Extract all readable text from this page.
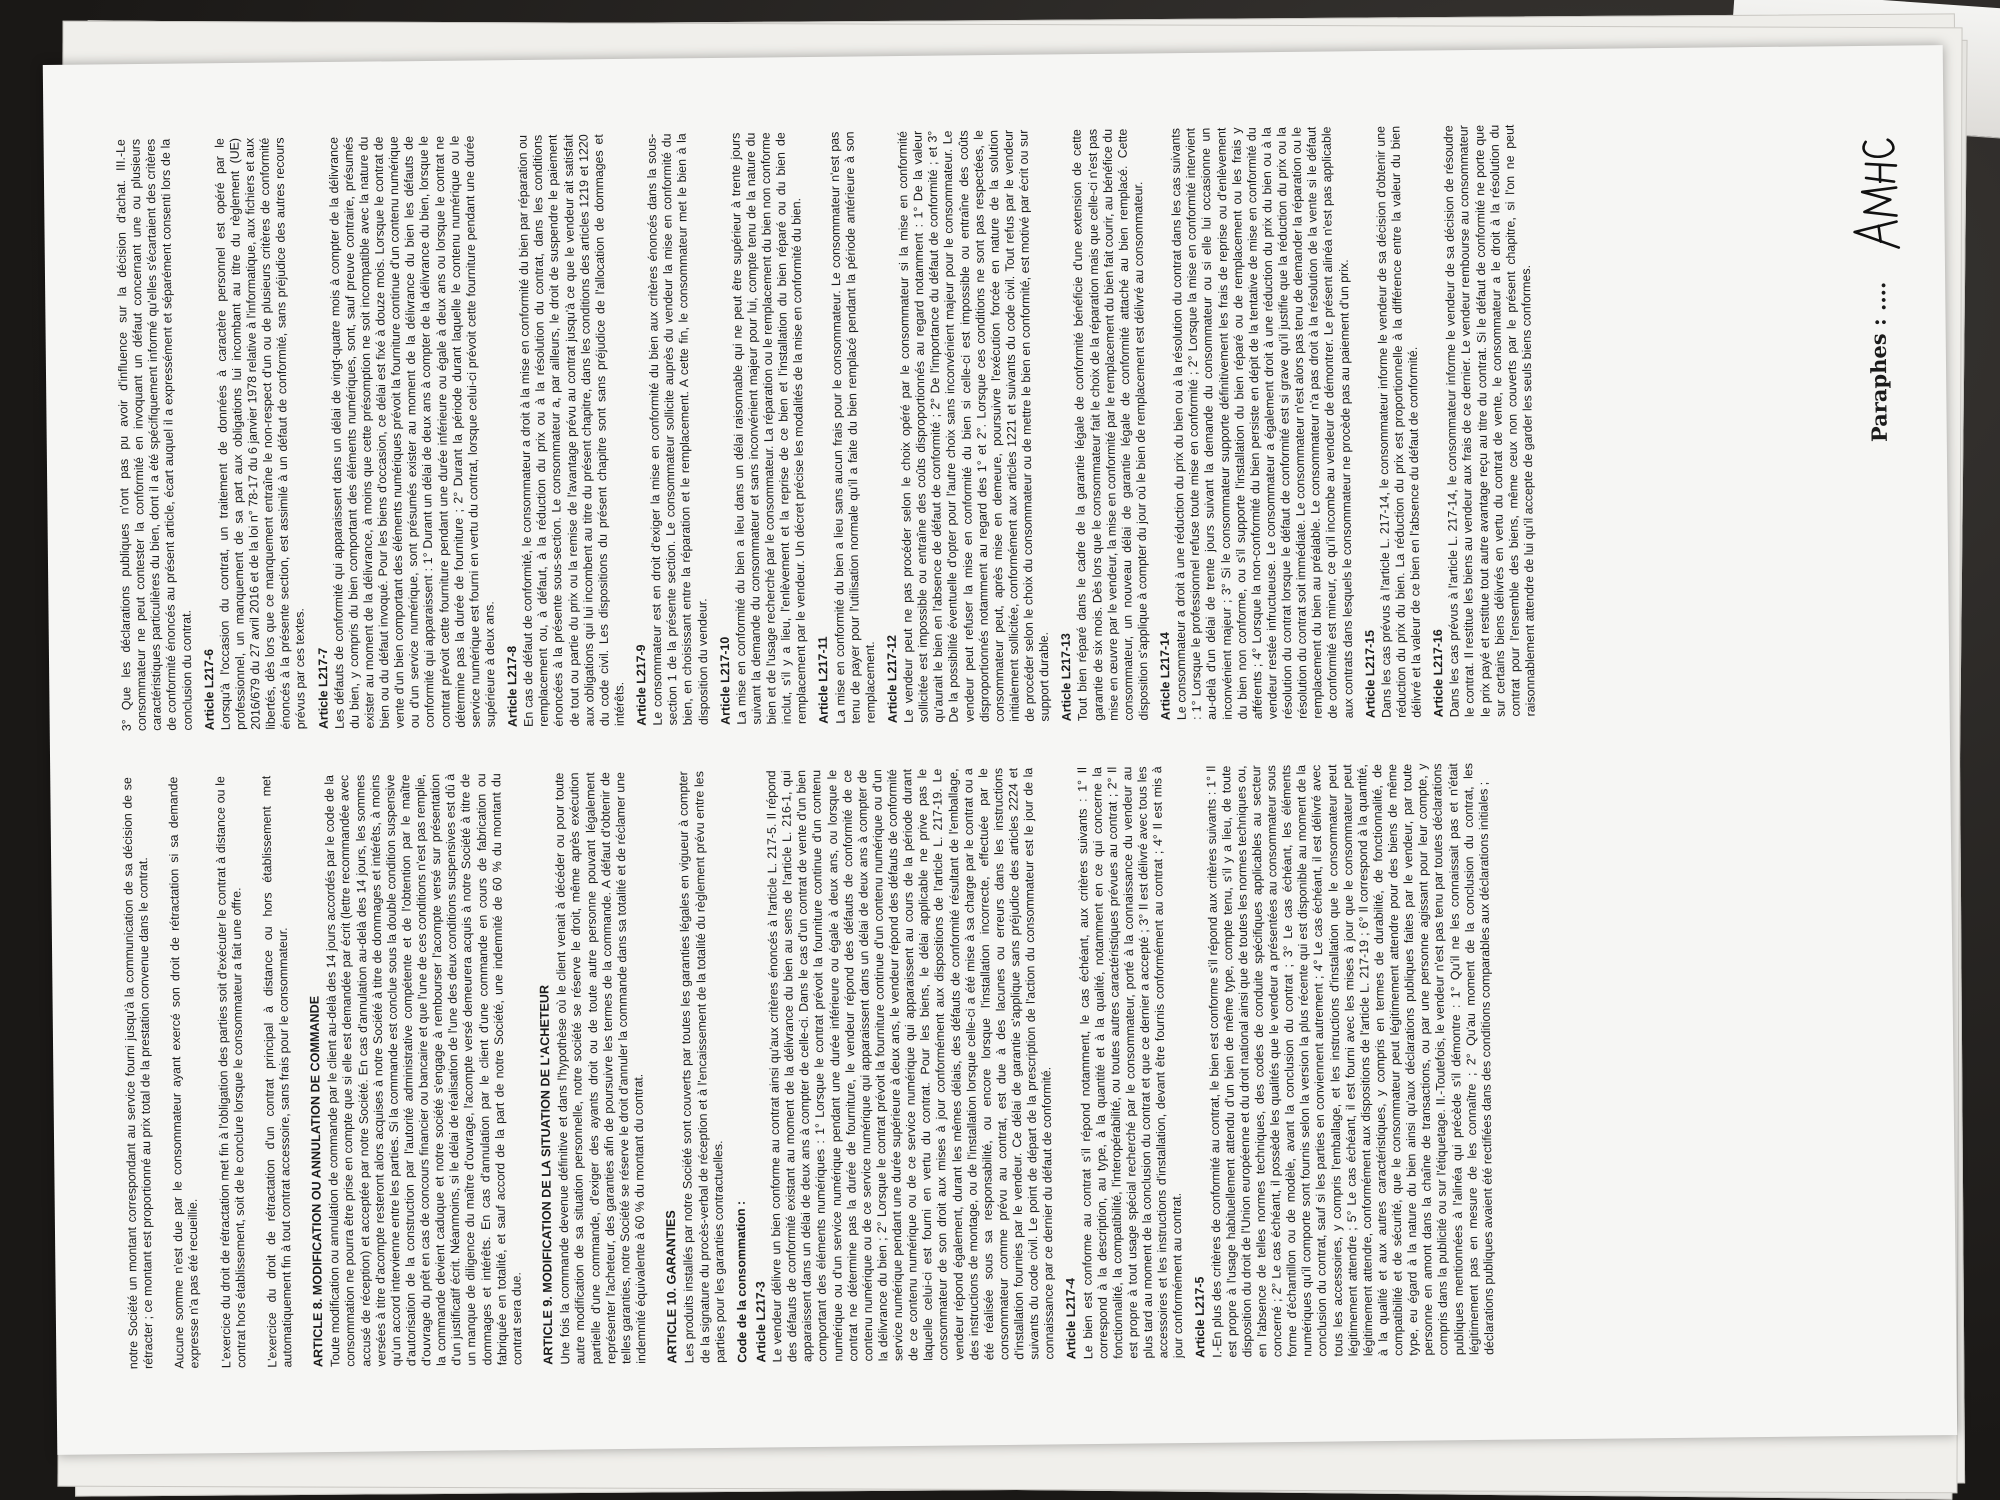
notre Société un montant correspondant au service fourni jusqu'à la communication de sa décision de se rétracter ; ce montant est proportionné au prix total de la prestation convenue dans le contrat. Aucune somme n'est due par le consommateur ayant exercé son droit de rétractation si sa demande expresse n'a pas été recueillie. L'exercice du droit de rétractation met fin à l'obligation des parties soit d'exécuter le contrat à distance ou le contrat hors établissement, soit de le conclure lorsque le consommateur a fait une offre. L'exercice du droit de rétractation d'un contrat principal à distance ou hors établissement met automatiquement fin à tout contrat accessoire, sans frais pour le consommateur. ARTICLE 8. MODIFICATION OU ANNULATION DE COMMANDE

Toute modification ou annulation de commande par le client au-delà des 14 jours accordés par le code de la consommation ne pourra être prise en compte que si elle est demandée par écrit (lettre recommandée avec accusé de réception) et acceptée par notre Société. En cas d'annulation au-delà des 14 jours, les sommes versées à titre d'acompte resteront alors acquises à notre Société à titre de dommages et intérêts, à moins qu'un accord intervienne entre les parties. Si la commande est conclue sous la double condition suspensive d'autorisation de la construction par l'autorité administrative compétente et de l'obtention par le maître d'ouvrage du prêt en cas de concours financier ou bancaire et que l'une de ces conditions n'est pas remplie, la commande devient caduque et notre société s'engage à rembourser l'acompte versé sur présentation d'un justificatif écrit. Néanmoins, si le délai de réalisation de l'une des deux conditions suspensives est dû à un manque de diligence du maître d'ouvrage, l'acompte versé demeurera acquis à notre Société à titre de dommages et intérêts. En cas d'annulation par le client d'une commande en cours de fabrication ou fabriquée en totalité, et sauf accord de la part de notre Société, une indemnité de 60 % du montant du contrat sera due. ARTICLE 9. MODIFICATION DE LA SITUATION DE L'ACHETEUR

Une fois la commande devenue définitive et dans l'hypothèse où le client venait à décéder ou pour toute autre modification de sa situation personnelle, notre société se réserve le droit, même après exécution partielle d'une commande, d'exiger des ayants droit ou de toute autre personne pouvant légalement représenter l'acheteur, des garanties afin de poursuivre les termes de la commande. A défaut d'obtenir de telles garanties, notre Société se réserve le droit d'annuler la commande dans sa totalité et de réclamer une indemnité équivalente à 60 % du montant du contrat.	ARTICLE 10. GARANTIES

Les produits installés par notre Société sont couverts par toutes les garanties légales en vigueur à compter de la signature du procès-verbal de réception et à l'encaissement de la totalité du règlement prévu entre les parties pour les garanties contractuelles. Code de la consommation : Article L217-3

Le vendeur délivre un bien conforme au contrat ainsi qu'aux critères énoncés à l'article L. 217-5. Il répond des défauts de conformité existant au moment de la délivrance du bien au sens de l'article L. 216-1, qui apparaissent dans un délai de deux ans à compter de celle-ci. Dans le cas d'un contrat de vente d'un bien comportant des éléments numériques : 1° Lorsque le contrat prévoit la fourniture continue d'un contenu numérique ou d'un service numérique pendant une durée inférieure ou égale à deux ans, ou lorsque le contrat ne détermine pas la durée de fourniture, le vendeur répond des défauts de conformité de ce contenu numérique ou de ce service numérique qui apparaissent dans un délai de deux ans à compter de la délivrance du bien ; 2° Lorsque le contrat prévoit la fourniture continue d'un contenu numérique ou d'un service numérique pendant une durée supérieure à deux ans, le vendeur répond des défauts de conformité de ce contenu numérique ou de ce service numérique qui apparaissent au cours de la période durant laquelle celui-ci est fourni en vertu du contrat. Pour les biens, le délai applicable ne prive pas le consommateur de son droit aux mises à jour conformément aux dispositions de l'article L. 217-19. Le vendeur répond également, durant les mêmes délais, des défauts de conformité résultant de l'emballage, des instructions de montage, ou de l'installation lorsque celle-ci a été mise à sa charge par le contrat ou a été réalisée sous sa responsabilité, ou encore lorsque l'installation incorrecte, effectuée par le consommateur comme prévu au contrat, est due à des lacunes ou erreurs dans les instructions d'installation fournies par le vendeur. Ce délai de garantie s'applique sans préjudice des articles 2224 et suivants du code civil. Le point de départ de la prescription de l'action du consommateur est le jour de la connaissance par ce dernier du défaut de conformité. Article L217-4

Le bien est conforme au contrat s'il répond notamment, le cas échéant, aux critères suivants : 1° Il correspond à la description, au type, à la quantité et à la qualité, notamment en ce qui concerne la fonctionnalité, la compatibilité, l'interopérabilité, ou toutes autres caractéristiques prévues au contrat ; 2° Il est propre à tout usage spécial recherché par le consommateur, porté à la connaissance du vendeur au plus tard au moment de la conclusion du contrat et que ce dernier a accepté ; 3° Il est délivré avec tous les accessoires et les instructions d'installation, devant être fournis conformément au contrat ; 4° Il est mis à jour conformément au contrat. Article L217-5

I.-En plus des critères de conformité au contrat, le bien est conforme s'il répond aux critères suivants : 1° Il est propre à l'usage habituellement attendu d'un bien de même type, compte tenu, s'il y a lieu, de toute disposition du droit de l'Union européenne et du droit national ainsi que de toutes les normes techniques ou, en l'absence de telles normes techniques, des codes de conduite spécifiques applicables au secteur concerné ; 2° Le cas échéant, il possède les qualités que le vendeur a présentées au consommateur sous forme d'échantillon ou de modèle, avant la conclusion du contrat ; 3° Le cas échéant, les éléments numériques qu'il comporte sont fournis selon la version la plus récente qui est disponible au moment de la conclusion du contrat, sauf si les parties en conviennent autrement ; 4° Le cas échéant, il est délivré avec tous les accessoires, y compris l'emballage, et les instructions d'installation que le consommateur peut légitimement attendre ; 5° Le cas échéant, il est fourni avec les mises à jour que le consommateur peut légitimement attendre, conformément aux dispositions de l'article L. 217-19 ; 6° Il correspond à la quantité, à la qualité et aux autres caractéristiques, y compris en termes de durabilité, de fonctionnalité, de compatibilité et de sécurité, que le consommateur peut légitimement attendre pour des biens de même type, eu égard à la nature du bien ainsi qu'aux déclarations publiques faites par le vendeur, par toute personne en amont dans la chaîne de transactions, ou par une personne agissant pour leur compte, y compris dans la publicité ou sur l'étiquetage. II.-Toutefois, le vendeur n'est pas tenu par toutes déclarations publiques mentionnées à l'alinéa qui précède s'il démontre : 1° Qu'il ne les connaissait pas et n'était légitimement pas en mesure de les connaître ; 2° Qu'au moment de la conclusion du contrat, les déclarations publiques avaient été rectifiées dans des conditions comparables aux déclarations initiales ;

3° Que les déclarations publiques n'ont pas pu avoir d'influence sur la décision d'achat. III.-Le consommateur ne peut contester la conformité en invoquant un défaut concernant une ou plusieurs caractéristiques particulières du bien, dont il a été spécifiquement informé qu'elles s'écartaient des critères de conformité énoncés au présent article, écart auquel il a expressément et séparément consenti lors de la conclusion du contrat. Article L217-6

Lorsqu'à l'occasion du contrat, un traitement de données à caractère personnel est opéré par le professionnel, un manquement de sa part aux obligations lui incombant au titre du règlement (UE) 2016/679 du 27 avril 2016 et de la loi n° 78-17 du 6 janvier 1978 relative à l'informatique, aux fichiers et aux libertés, dès lors que ce manquement entraîne le non-respect d'un ou de plusieurs critères de conformité énoncés à la présente section, est assimilé à un défaut de conformité, sans préjudice des autres recours prévus par ces textes. Article L217-7

Les défauts de conformité qui apparaissent dans un délai de vingt-quatre mois à compter de la délivrance du bien, y compris du bien comportant des éléments numériques, sont, sauf preuve contraire, présumés exister au moment de la délivrance, à moins que cette présomption ne soit incompatible avec la nature du bien ou du défaut invoqué. Pour les biens d'occasion, ce délai est fixé à douze mois. Lorsque le contrat de vente d'un bien comportant des éléments numériques prévoit la fourniture continue d'un contenu numérique ou d'un service numérique, sont présumés exister au moment de la délivrance du bien les défauts de conformité qui apparaissent : 1° Durant un délai de deux ans à compter de la délivrance du bien, lorsque le contrat prévoit cette fourniture pendant une durée inférieure ou égale à deux ans ou lorsque le contrat ne détermine pas la durée de fourniture ; 2° Durant la période durant laquelle le contenu numérique ou le service numérique est fourni en vertu du contrat, lorsque celui-ci prévoit cette fourniture pendant une durée supérieure à deux ans. Article L217-8

En cas de défaut de conformité, le consommateur a droit à la mise en conformité du bien par réparation ou remplacement ou, à défaut, à la réduction du prix ou à la résolution du contrat, dans les conditions énoncées à la présente sous-section. Le consommateur a, par ailleurs, le droit de suspendre le paiement de tout ou partie du prix ou la remise de l'avantage prévu au contrat jusqu'à ce que le vendeur ait satisfait aux obligations qui lui incombent au titre du présent chapitre, dans les conditions des articles 1219 et 1220 du code civil. Les dispositions du présent chapitre sont sans préjudice de l'allocation de dommages et intérêts. Article L217-9

Le consommateur est en droit d'exiger la mise en conformité du bien aux critères énoncés dans la sous-section 1 de la présente section. Le consommateur sollicite auprès du vendeur la mise en conformité du bien, en choisissant entre la réparation et le remplacement. A cette fin, le consommateur met le bien à la disposition du vendeur. Article L217-10

La mise en conformité du bien a lieu dans un délai raisonnable qui ne peut être supérieur à trente jours suivant la demande du consommateur et sans inconvénient majeur pour lui, compte tenu de la nature du bien et de l'usage recherché par le consommateur. La réparation ou le remplacement du bien non conforme inclut, s'il y a lieu, l'enlèvement et la reprise de ce bien et l'installation du bien réparé ou du bien de remplacement par le vendeur. Un décret précise les modalités de la mise en conformité du bien. Article L217-11

La mise en conformité du bien a lieu sans aucun frais pour le consommateur. Le consommateur n'est pas tenu de payer pour l'utilisation normale qu'il a faite du bien remplacé pendant la période antérieure à son remplacement. Article L217-12

Le vendeur peut ne pas procéder selon le choix opéré par le consommateur si la mise en conformité sollicitée est impossible ou entraîne des coûts disproportionnés au regard notamment : 1° De la valeur qu'aurait le bien en l'absence de défaut de conformité ; 2° De l'importance du défaut de conformité ; et 3° De la possibilité éventuelle d'opter pour l'autre choix sans inconvénient majeur pour le consommateur. Le vendeur peut refuser la mise en conformité du bien si celle-ci est impossible ou entraîne des coûts disproportionnés notamment au regard des 1° et 2°. Lorsque ces conditions ne sont pas respectées, le consommateur peut, après mise en demeure, poursuivre l'exécution forcée en nature de la solution initialement sollicitée, conformément aux articles 1221 et suivants du code civil. Tout refus par le vendeur de procéder selon le choix du consommateur ou de mettre le bien en conformité, est motivé par écrit ou sur support durable. Article L217-13

Tout bien réparé dans le cadre de la garantie légale de conformité bénéficie d'une extension de cette garantie de six mois. Dès lors que le consommateur fait le choix de la réparation mais que celle-ci n'est pas mise en œuvre par le vendeur, la mise en conformité par le remplacement du bien fait courir, au bénéfice du consommateur, un nouveau délai de garantie légale de conformité attaché au bien remplacé. Cette disposition s'applique à compter du jour où le bien de remplacement est délivré au consommateur. Article L217-14

Le consommateur a droit à une réduction du prix du bien ou à la résolution du contrat dans les cas suivants : 1° Lorsque le professionnel refuse toute mise en conformité ; 2° Lorsque la mise en conformité intervient au-delà d'un délai de trente jours suivant la demande du consommateur ou si elle lui occasionne un inconvénient majeur ; 3° Si le consommateur supporte définitivement les frais de reprise ou d'enlèvement du bien non conforme, ou s'il supporte l'installation du bien réparé ou de remplacement ou les frais y afférents ; 4° Lorsque la non-conformité du bien persiste en dépit de la tentative de mise en conformité du vendeur restée infructueuse. Le consommateur a également droit à une réduction du prix du bien ou à la résolution du contrat lorsque le défaut de conformité est si grave qu'il justifie que la réduction du prix ou la résolution du contrat soit immédiate. Le consommateur n'est alors pas tenu de demander la réparation ou le remplacement du bien au préalable. Le consommateur n'a pas droit à la résolution de la vente si le défaut de conformité est mineur, ce qu'il incombe au vendeur de démontrer. Le présent alinéa n'est pas applicable aux contrats dans lesquels le consommateur ne procède pas au paiement d'un prix. Article L217-15

Dans les cas prévus à l'article L. 217-14, le consommateur informe le vendeur de sa décision d'obtenir une réduction du prix du bien. La réduction du prix est proportionnelle à la différence entre la valeur du bien délivré et la valeur de ce bien en l'absence du défaut de conformité. Article L217-16

Dans les cas prévus à l'article L. 217-14, le consommateur informe le vendeur de sa décision de résoudre le contrat. Il restitue les biens au vendeur aux frais de ce dernier. Le vendeur rembourse au consommateur le prix payé et restitue tout autre avantage reçu au titre du contrat. Si le défaut de conformité ne porte que sur certains biens délivrés en vertu du contrat de vente, le consommateur a le droit à la résolution du contrat pour l'ensemble des biens, même ceux non couverts par le présent chapitre, si l'on ne peut raisonnablement attendre de lui qu'il accepte de garder les seuls biens conformes.	Paraphes : ....
